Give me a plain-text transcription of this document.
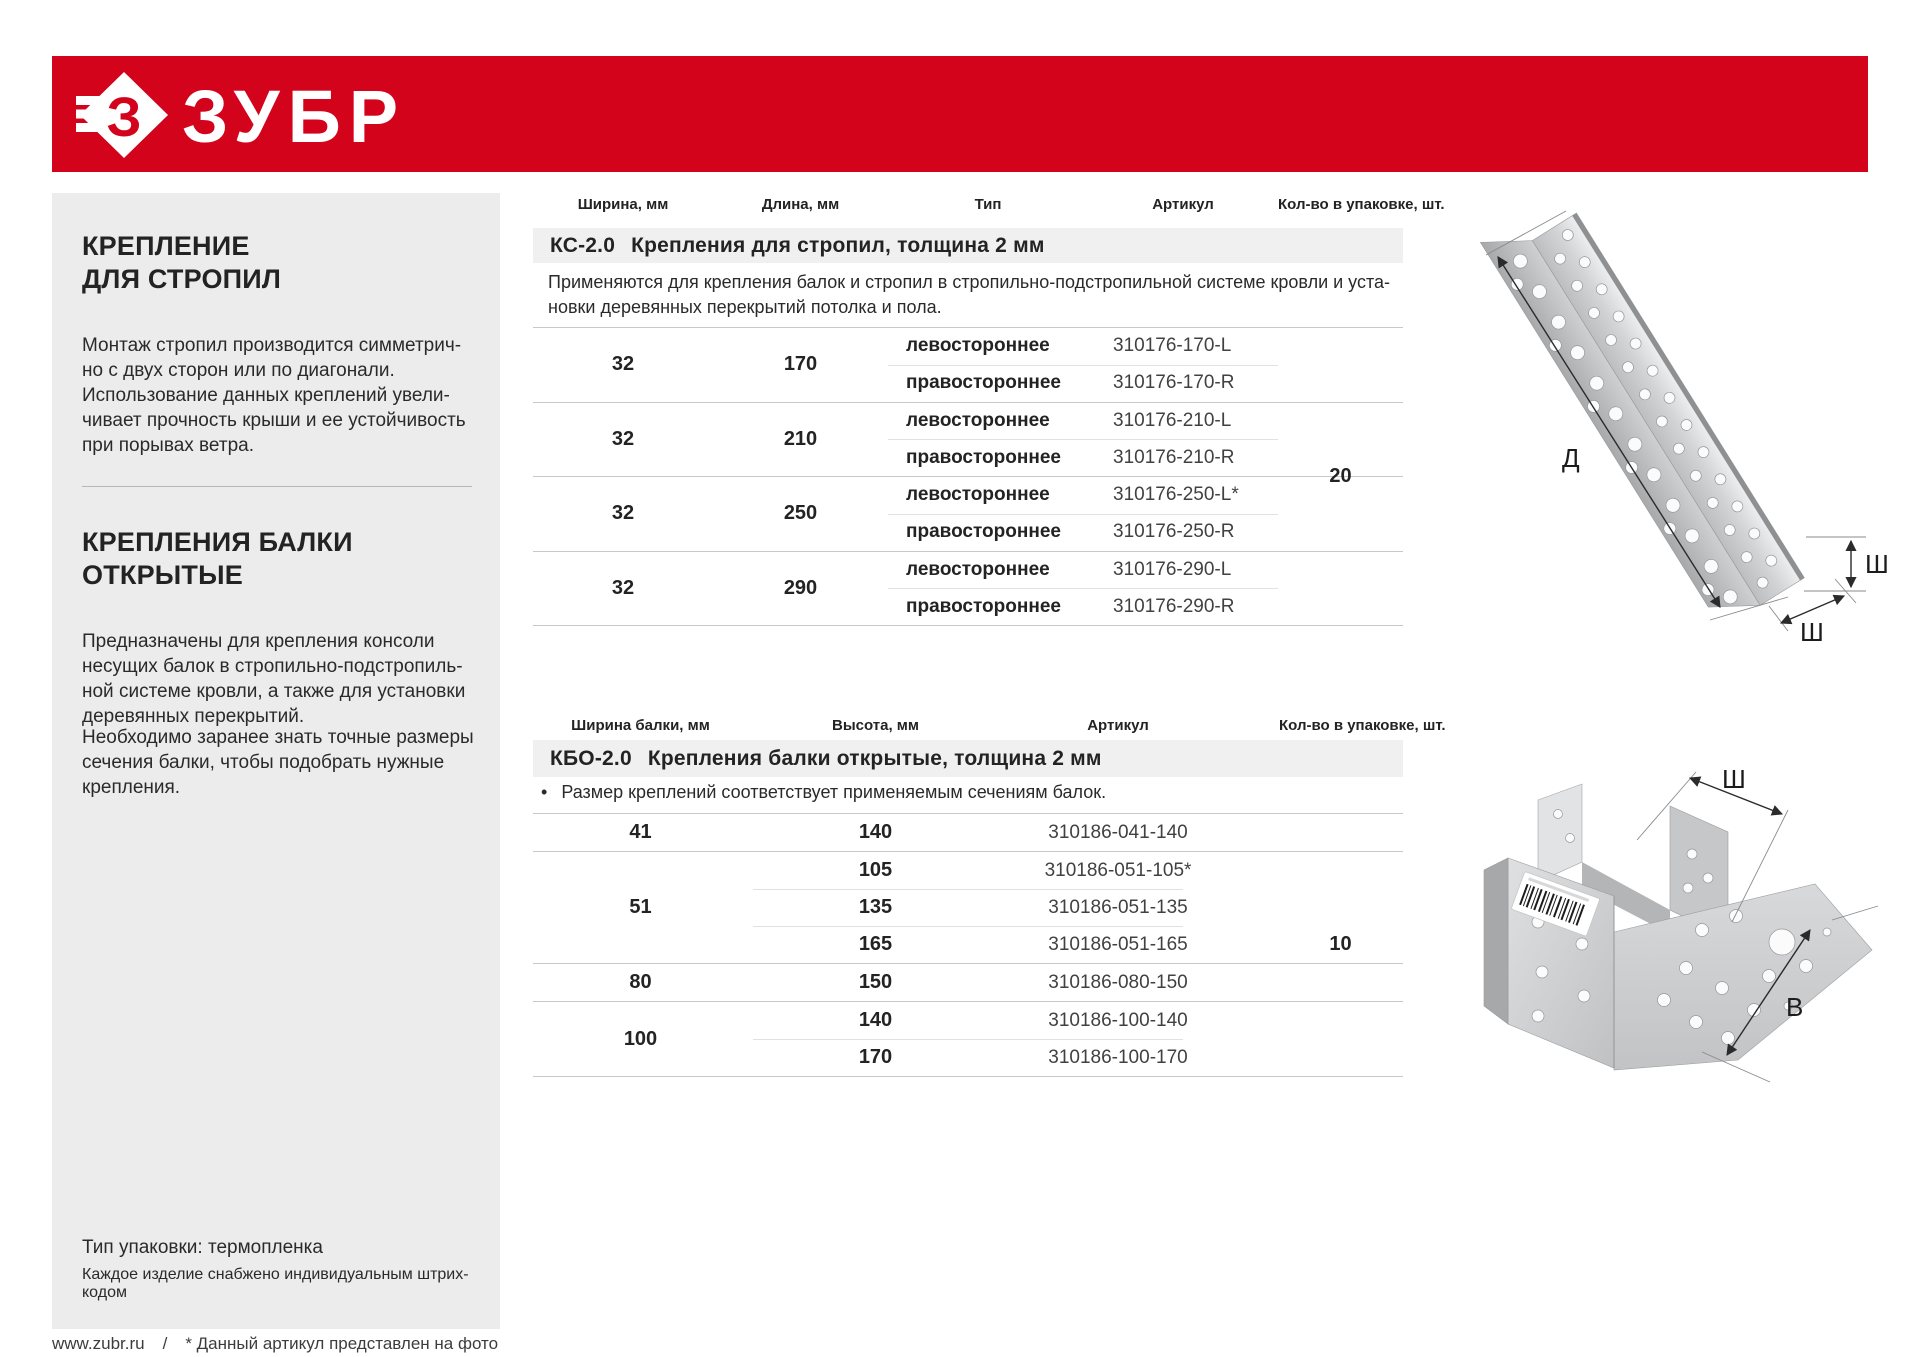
З ЗУБР
КРЕПЛЕНИЕ
ДЛЯ СТРОПИЛ
Монтаж стропил производится симметрич-
но с двух сторон или по диагонали.
Использование данных креплений увели-
чивает прочность крыши и ее устойчивость
при порывах ветра.
КРЕПЛЕНИЯ БАЛКИ
ОТКРЫТЫЕ
Предназначены для крепления консоли
несущих балок в стропильно-подстропиль-
ной системе кровли, а также для установки
деревянных перекрытий.
Необходимо заранее знать точные размеры
сечения балки, чтобы подобрать нужные
крепления.
Тип упаковки: термопленка
Каждое изделие снабжено индивидуальным штрих-кодом
Ширина, мм	Длина, мм	Тип	Артикул	Кол-во в упаковке, шт.
КС-2.0 Крепления для стропил, толщина 2 мм
Применяются для крепления балок и стропил в стропильно-подстропильной системе кровли и уста-
новки деревянных перекрытий потолка и пола.
32	170
левостороннее	310176-170-L
правостороннее	310176-170-R
32	210
левостороннее	310176-210-L
правостороннее	310176-210-R
32	250
левостороннее	310176-250-L*
правостороннее	310176-250-R
32	290
левостороннее	310176-290-L
правостороннее	310176-290-R
20
Ширина балки, мм	Высота, мм	Артикул	Кол-во в упаковке, шт.
КБО-2.0 Крепления балки открытые, толщина 2 мм
• Размер креплений соответствует применяемым сечениям балок.
41	140	310186-041-140
51
105	310186-051-105*
135	310186-051-135
165	310186-051-165
80	150	310186-080-150
100
140	310186-100-140
170	310186-100-170
10
Д
Ш
Ш
Ш
В
www.zubr.ru / * Данный артикул представлен на фото
